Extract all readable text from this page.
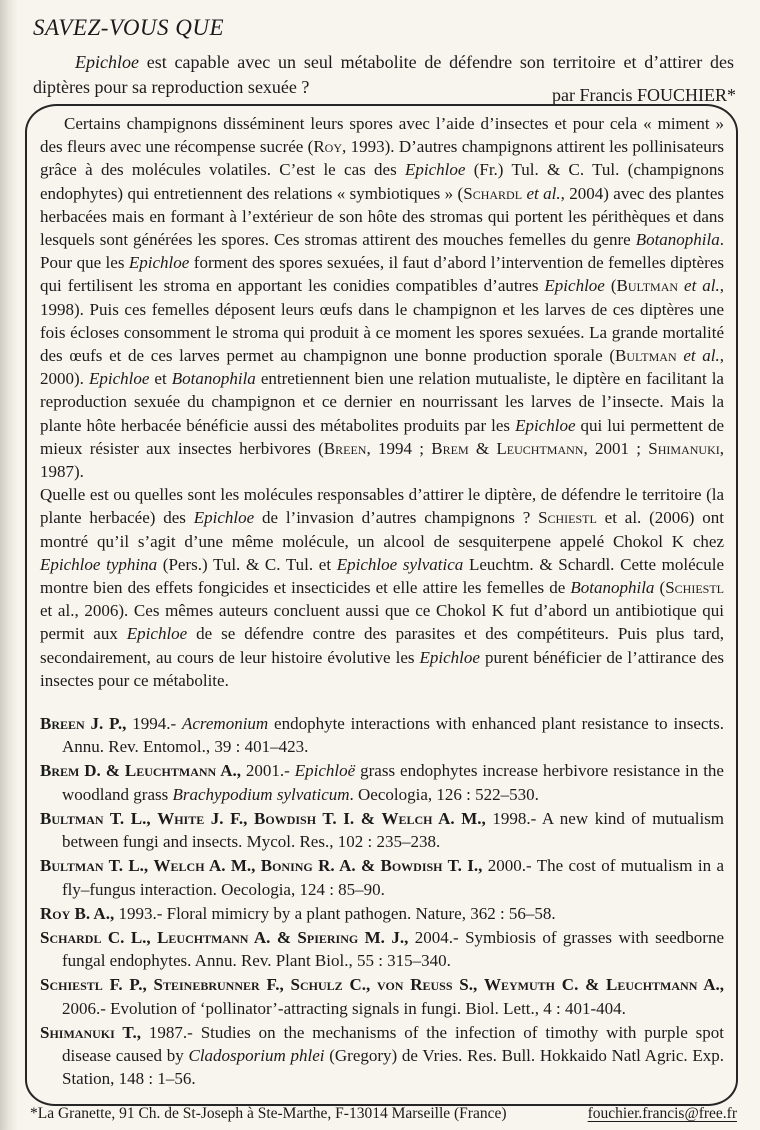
SAVEZ-VOUS QUE
Epichloe est capable avec un seul métabolite de défendre son territoire et d’attirer des diptères pour sa reproduction sexuée ?	par Francis FOUCHIER*

Certains champignons disséminent leurs spores avec l’aide d’insectes et pour cela « miment » des fleurs avec une récompense sucrée (Roy, 1993). D’autres champignons attirent les pollinisateurs grâce à des molécules volatiles. C’est le cas des Epichloe (Fr.) Tul. & C. Tul. (champignons endophytes) qui entretiennent des relations « symbiotiques » (Schardl et al., 2004) avec des plantes herbacées mais en formant à l’extérieur de son hôte des stromas qui portent les périthèques et dans lesquels sont générées les spores. Ces stromas attirent des mouches femelles du genre Botanophila. Pour que les Epichloe forment des spores sexuées, il faut d’abord l’intervention de femelles diptères qui fertilisent les stroma en apportant les conidies compatibles d’autres Epichloe (Bultman et al., 1998). Puis ces femelles déposent leurs œufs dans le champignon et les larves de ces diptères une fois écloses consomment le stroma qui produit à ce moment les spores sexuées. La grande mortalité des œufs et de ces larves permet au champignon une bonne production sporale (Bultman et al., 2000). Epichloe et Botanophila entretiennent bien une relation mutualiste, le diptère en facilitant la reproduction sexuée du champignon et ce dernier en nourrissant les larves de l’insecte. Mais la plante hôte herbacée bénéficie aussi des métabolites produits par les Epichloe qui lui permettent de mieux résister aux insectes herbivores (Breen, 1994 ; Brem & Leuchtmann, 2001 ; Shimanuki, 1987).

Quelle est ou quelles sont les molécules responsables d’attirer le diptère, de défendre le territoire (la plante herbacée) des Epichloe de l’invasion d’autres champignons ? Schiestl et al. (2006) ont montré qu’il s’agit d’une même molécule, un alcool de sesquiterpene appelé Chokol K chez Epichloe typhina (Pers.) Tul. & C. Tul. et Epichloe sylvatica Leuchtm. & Schardl. Cette molécule montre bien des effets fongicides et insecticides et elle attire les femelles de Botanophila (Schiestl et al., 2006). Ces mêmes auteurs concluent aussi que ce Chokol K fut d’abord un antibiotique qui permit aux Epichloe de se défendre contre des parasites et des compétiteurs. Puis plus tard, secondairement, au cours de leur histoire évolutive les Epichloe purent bénéficier de l’attirance des insectes pour ce métabolite.

Breen J. P., 1994.- Acremonium endophyte interactions with enhanced plant resistance to insects. Annu. Rev. Entomol., 39 : 401–423.

Brem D. & Leuchtmann A., 2001.- Epichloë grass endophytes increase herbivore resistance in the woodland grass Brachypodium sylvaticum. Oecologia, 126 : 522–530.

Bultman T. L., White J. F., Bowdish T. I. & Welch A. M., 1998.- A new kind of mutualism between fungi and insects. Mycol. Res., 102 : 235–238.

Bultman T. L., Welch A. M., Boning R. A. & Bowdish T. I., 2000.- The cost of mutualism in a fly–fungus interaction. Oecologia, 124 : 85–90.

Roy B. A., 1993.- Floral mimicry by a plant pathogen. Nature, 362 : 56–58.

Schardl C. L., Leuchtmann A. & Spiering M. J., 2004.- Symbiosis of grasses with seedborne fungal endophytes. Annu. Rev. Plant Biol., 55 : 315–340.

Schiestl F. P., Steinebrunner F., Schulz C., von Reuß S., Weymuth C. & Leuchtmann A., 2006.- Evolution of ‘pollinator’-attracting signals in fungi. Biol. Lett., 4 : 401-404.

Shimanuki T., 1987.- Studies on the mechanisms of the infection of timothy with purple spot disease caused by Cladosporium phlei (Gregory) de Vries. Res. Bull. Hokkaido Natl Agric. Exp. Station, 148 : 1–56.

*La Granette, 91 Ch. de St-Joseph à Ste-Marthe, F-13014 Marseille (France)	fouchier.francis@free.fr
